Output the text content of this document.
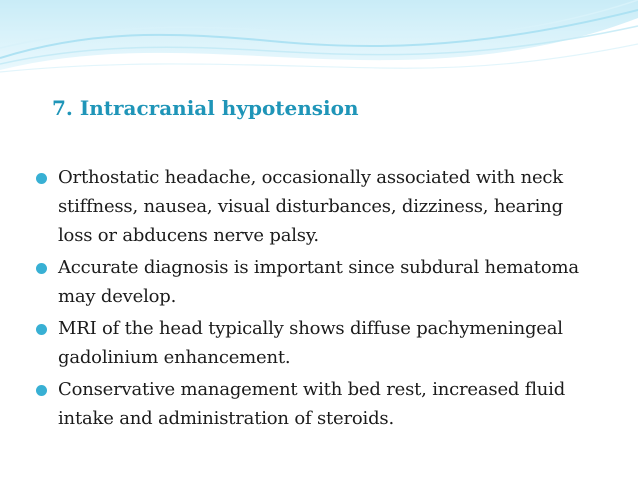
7. Intracranial hypotension
Orthostatic headache, occasionally associated with neck stiffness, nausea, visual disturbances, dizziness, hearing loss or abducens nerve palsy.
Accurate diagnosis is important since subdural hematoma may develop.
MRI of the head typically shows diffuse pachymeningeal gadolinium enhancement.
Conservative management with bed rest, increased fluid intake and administration of steroids.
